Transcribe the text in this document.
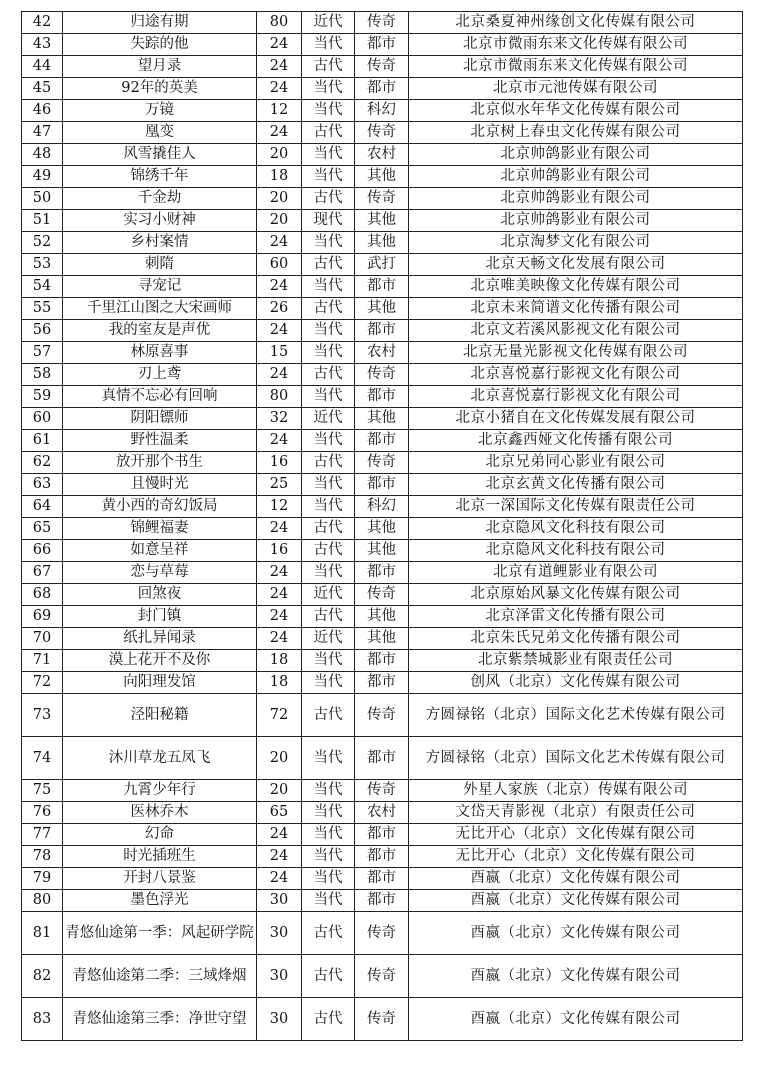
42	归途有期	80	近代	传奇	北京桑夏神州缘创文化传媒有限公司
43	失踪的他	24	当代	都市	北京市微雨东来文化传媒有限公司
44	望月录	24	古代	传奇	北京市微雨东来文化传媒有限公司
45	92年的英美	24	当代	都市	北京市元池传媒有限公司
46	万镜	12	当代	科幻	北京似水年华文化传媒有限公司
47	凰变	24	古代	传奇	北京树上春虫文化传媒有限公司
48	风雪撬佳人	20	当代	农村	北京帅鸽影业有限公司
49	锦绣千年	18	当代	其他	北京帅鸽影业有限公司
50	千金劫	20	古代	传奇	北京帅鸽影业有限公司
51	实习小财神	20	现代	其他	北京帅鸽影业有限公司
52	乡村案情	24	当代	其他	北京淘梦文化有限公司
53	刺隋	60	古代	武打	北京天畅文化发展有限公司
54	寻宠记	24	当代	都市	北京唯美映像文化传媒有限公司
55	千里江山图之大宋画师	26	古代	其他	北京未来简谱文化传播有限公司
56	我的室友是声优	24	当代	都市	北京文若溪风影视文化有限公司
57	林原喜事	15	当代	农村	北京无量光影视文化传媒有限公司
58	刃上鸢	24	古代	传奇	北京喜悦嘉行影视文化有限公司
59	真情不忘必有回响	80	当代	都市	北京喜悦嘉行影视文化有限公司
60	阴阳镖师	32	近代	其他	北京小猪自在文化传媒发展有限公司
61	野性温柔	24	当代	都市	北京鑫西娅文化传播有限公司
62	放开那个书生	16	古代	传奇	北京兄弟同心影业有限公司
63	且慢时光	25	当代	都市	北京玄黄文化传播有限公司
64	黄小西的奇幻饭局	12	当代	科幻	北京一深国际文化传媒有限责任公司
65	锦鲤福妻	24	古代	其他	北京隐风文化科技有限公司
66	如意呈祥	16	古代	其他	北京隐风文化科技有限公司
67	恋与草莓	24	当代	都市	北京有道鲤影业有限公司
68	回煞夜	24	近代	传奇	北京原始风暴文化传媒有限公司
69	封门镇	24	古代	其他	北京泽雷文化传播有限公司
70	纸扎异闻录	24	近代	其他	北京朱氏兄弟文化传播有限公司
71	漠上花开不及你	18	当代	都市	北京紫禁城影业有限责任公司
72	向阳理发馆	18	当代	都市	创风（北京）文化传媒有限公司
73	泾阳秘籍	72	古代	传奇	方圆禄铭（北京）国际文化艺术传媒有限公司
74	沐川草龙五凤飞	20	当代	都市	方圆禄铭（北京）国际文化艺术传媒有限公司
75	九霄少年行	20	当代	传奇	外星人家族（北京）传媒有限公司
76	医林乔木	65	当代	农村	文岱天青影视（北京）有限责任公司
77	幻命	24	当代	都市	无比开心（北京）文化传媒有限公司
78	时光插班生	24	当代	都市	无比开心（北京）文化传媒有限公司
79	开封八景鉴	24	当代	都市	酉嬴（北京）文化传媒有限公司
80	墨色浮光	30	当代	都市	酉嬴（北京）文化传媒有限公司
81	青悠仙途第一季：风起研学院	30	古代	传奇	酉嬴（北京）文化传媒有限公司
82	青悠仙途第二季：三域烽烟	30	古代	传奇	酉嬴（北京）文化传媒有限公司
83	青悠仙途第三季：净世守望	30	古代	传奇	酉嬴（北京）文化传媒有限公司
